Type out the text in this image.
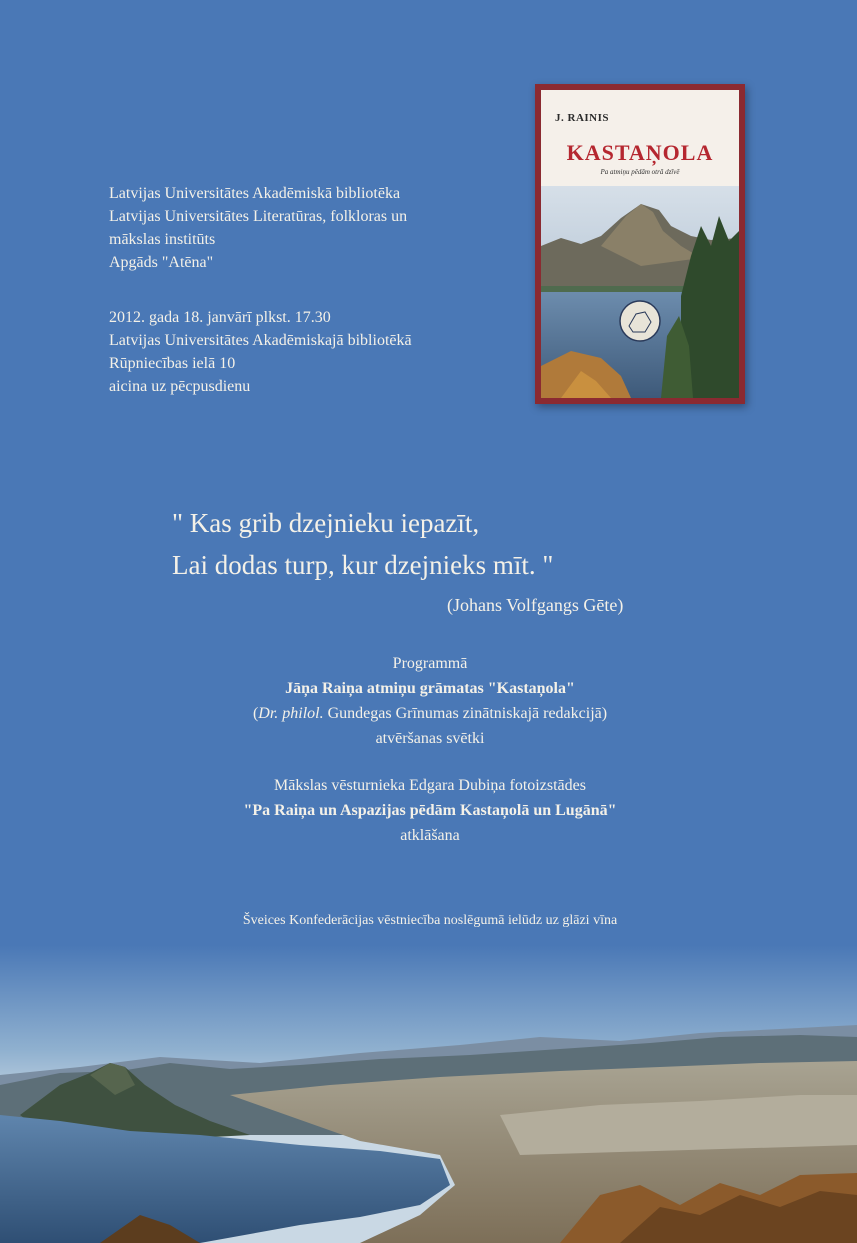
Latvijas Universitātes Akadēmiskā bibliotēka
Latvijas Universitātes Literatūras, folkloras un
mākslas institūts
Apgāds "Atēna"
2012. gada 18. janvārī plkst. 17.30
Latvijas Universitātes Akadēmiskajā bibliotēkā
Rūpniecības ielā 10
aicina uz pēcpusdienu
J. RAINIS
KASTAŅOLA
Pa atmiņu pēdām otrā dzīvē
" Kas grib dzejnieku iepazīt,
Lai dodas turp, kur dzejnieks mīt. "
(Johans Volfgangs Gēte)
Programmā
Jāņa Raiņa atmiņu grāmatas "Kastaņola"
(Dr. philol. Gundegas Grīnumas zinātniskajā redakcijā)
atvēršanas svētki
Mākslas vēsturnieka Edgara Dubiņa fotoizstādes
"Pa Raiņa un Aspazijas pēdām Kastaņolā un Lugānā"
atklāšana
Šveices Konfederācijas vēstniecība noslēgumā ielūdz uz glāzi vīna
